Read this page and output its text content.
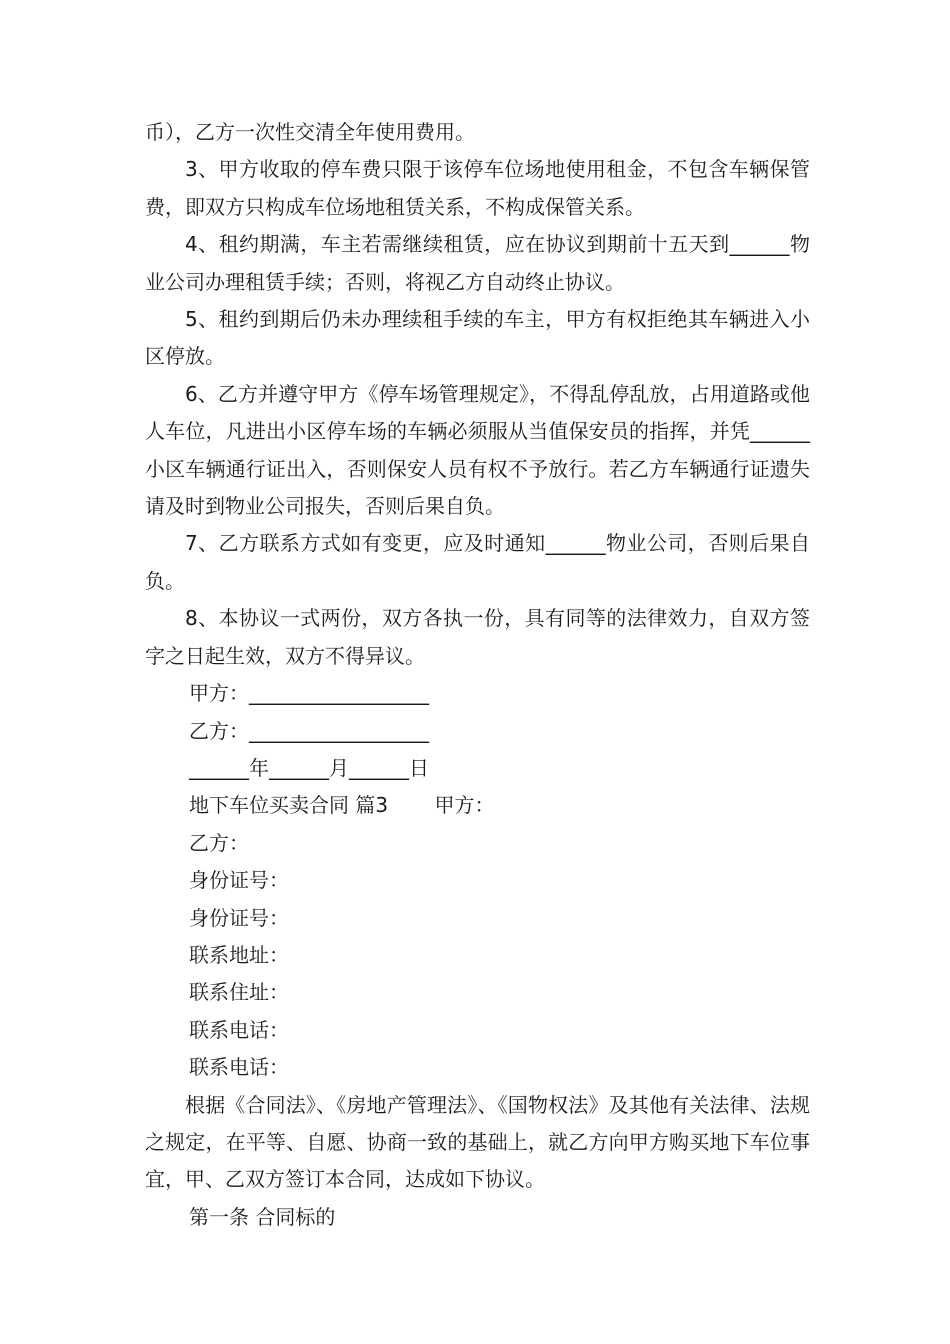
币），乙方一次性交清全年使用费用。

3、甲方收取的停车费只限于该停车位场地使用租金，不包含车辆保管费，即双方只构成车位场地租赁关系，不构成保管关系。

4、租约期满，车主若需继续租赁，应在协议到期前十五天到______物业公司办理租赁手续；否则，将视乙方自动终止协议。

5、租约到期后仍未办理续租手续的车主，甲方有权拒绝其车辆进入小区停放。

6、乙方并遵守甲方《停车场管理规定》，不得乱停乱放，占用道路或他人车位，凡进出小区停车场的车辆必须服从当值保安员的指挥，并凭______小区车辆通行证出入，否则保安人员有权不予放行。若乙方车辆通行证遗失请及时到物业公司报失，否则后果自负。

7、乙方联系方式如有变更，应及时通知______物业公司，否则后果自负。

8、本协议一式两份，双方各执一份，具有同等的法律效力，自双方签字之日起生效，双方不得异议。

甲方：__________________

乙方：__________________

______年______月______日

地下车位买卖合同 篇3 　　甲方：

乙方：

身份证号：

身份证号：

联系地址：

联系住址：

联系电话：

联系电话：

根据《合同法》、《房地产管理法》、《国物权法》及其他有关法律、法规之规定，在平等、自愿、协商一致的基础上，就乙方向甲方购买地下车位事宜，甲、乙双方签订本合同，达成如下协议。

第一条 合同标的
